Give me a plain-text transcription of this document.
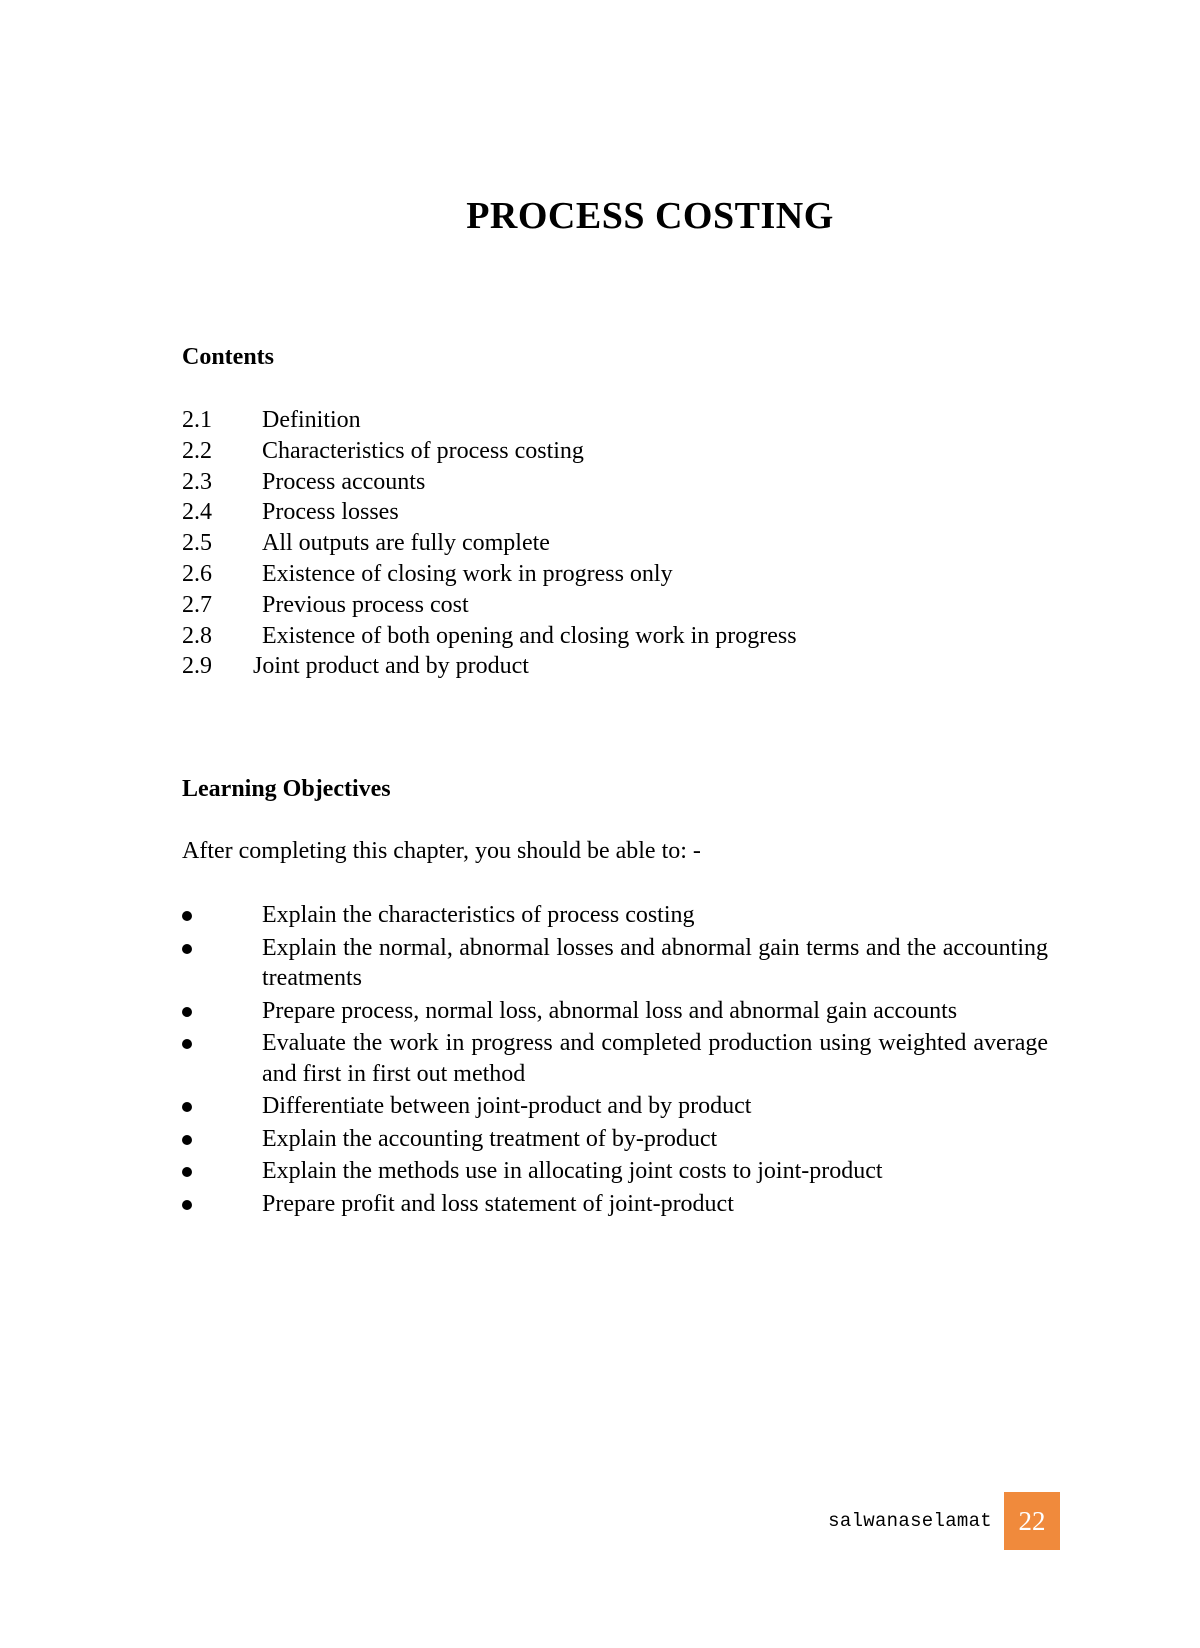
PROCESS COSTING
Contents
2.1 Definition
2.2 Characteristics of process costing
2.3 Process accounts
2.4 Process losses
2.5 All outputs are fully complete
2.6 Existence of closing work in progress only
2.7 Previous process cost
2.8 Existence of both opening and closing work in progress
2.9 Joint product and by product
Learning Objectives

After completing this chapter, you should be able to: -

Explain the characteristics of process costing
Explain the normal, abnormal losses and abnormal gain terms and the accounting treatments
Prepare process, normal loss, abnormal loss and abnormal gain accounts
Evaluate the work in progress and completed production using weighted average and first in first out method
Differentiate between joint-product and by product
Explain the accounting treatment of by-product
Explain the methods use in allocating joint costs to joint-product
Prepare profit and loss statement of joint-product
salwanaselamat 22
